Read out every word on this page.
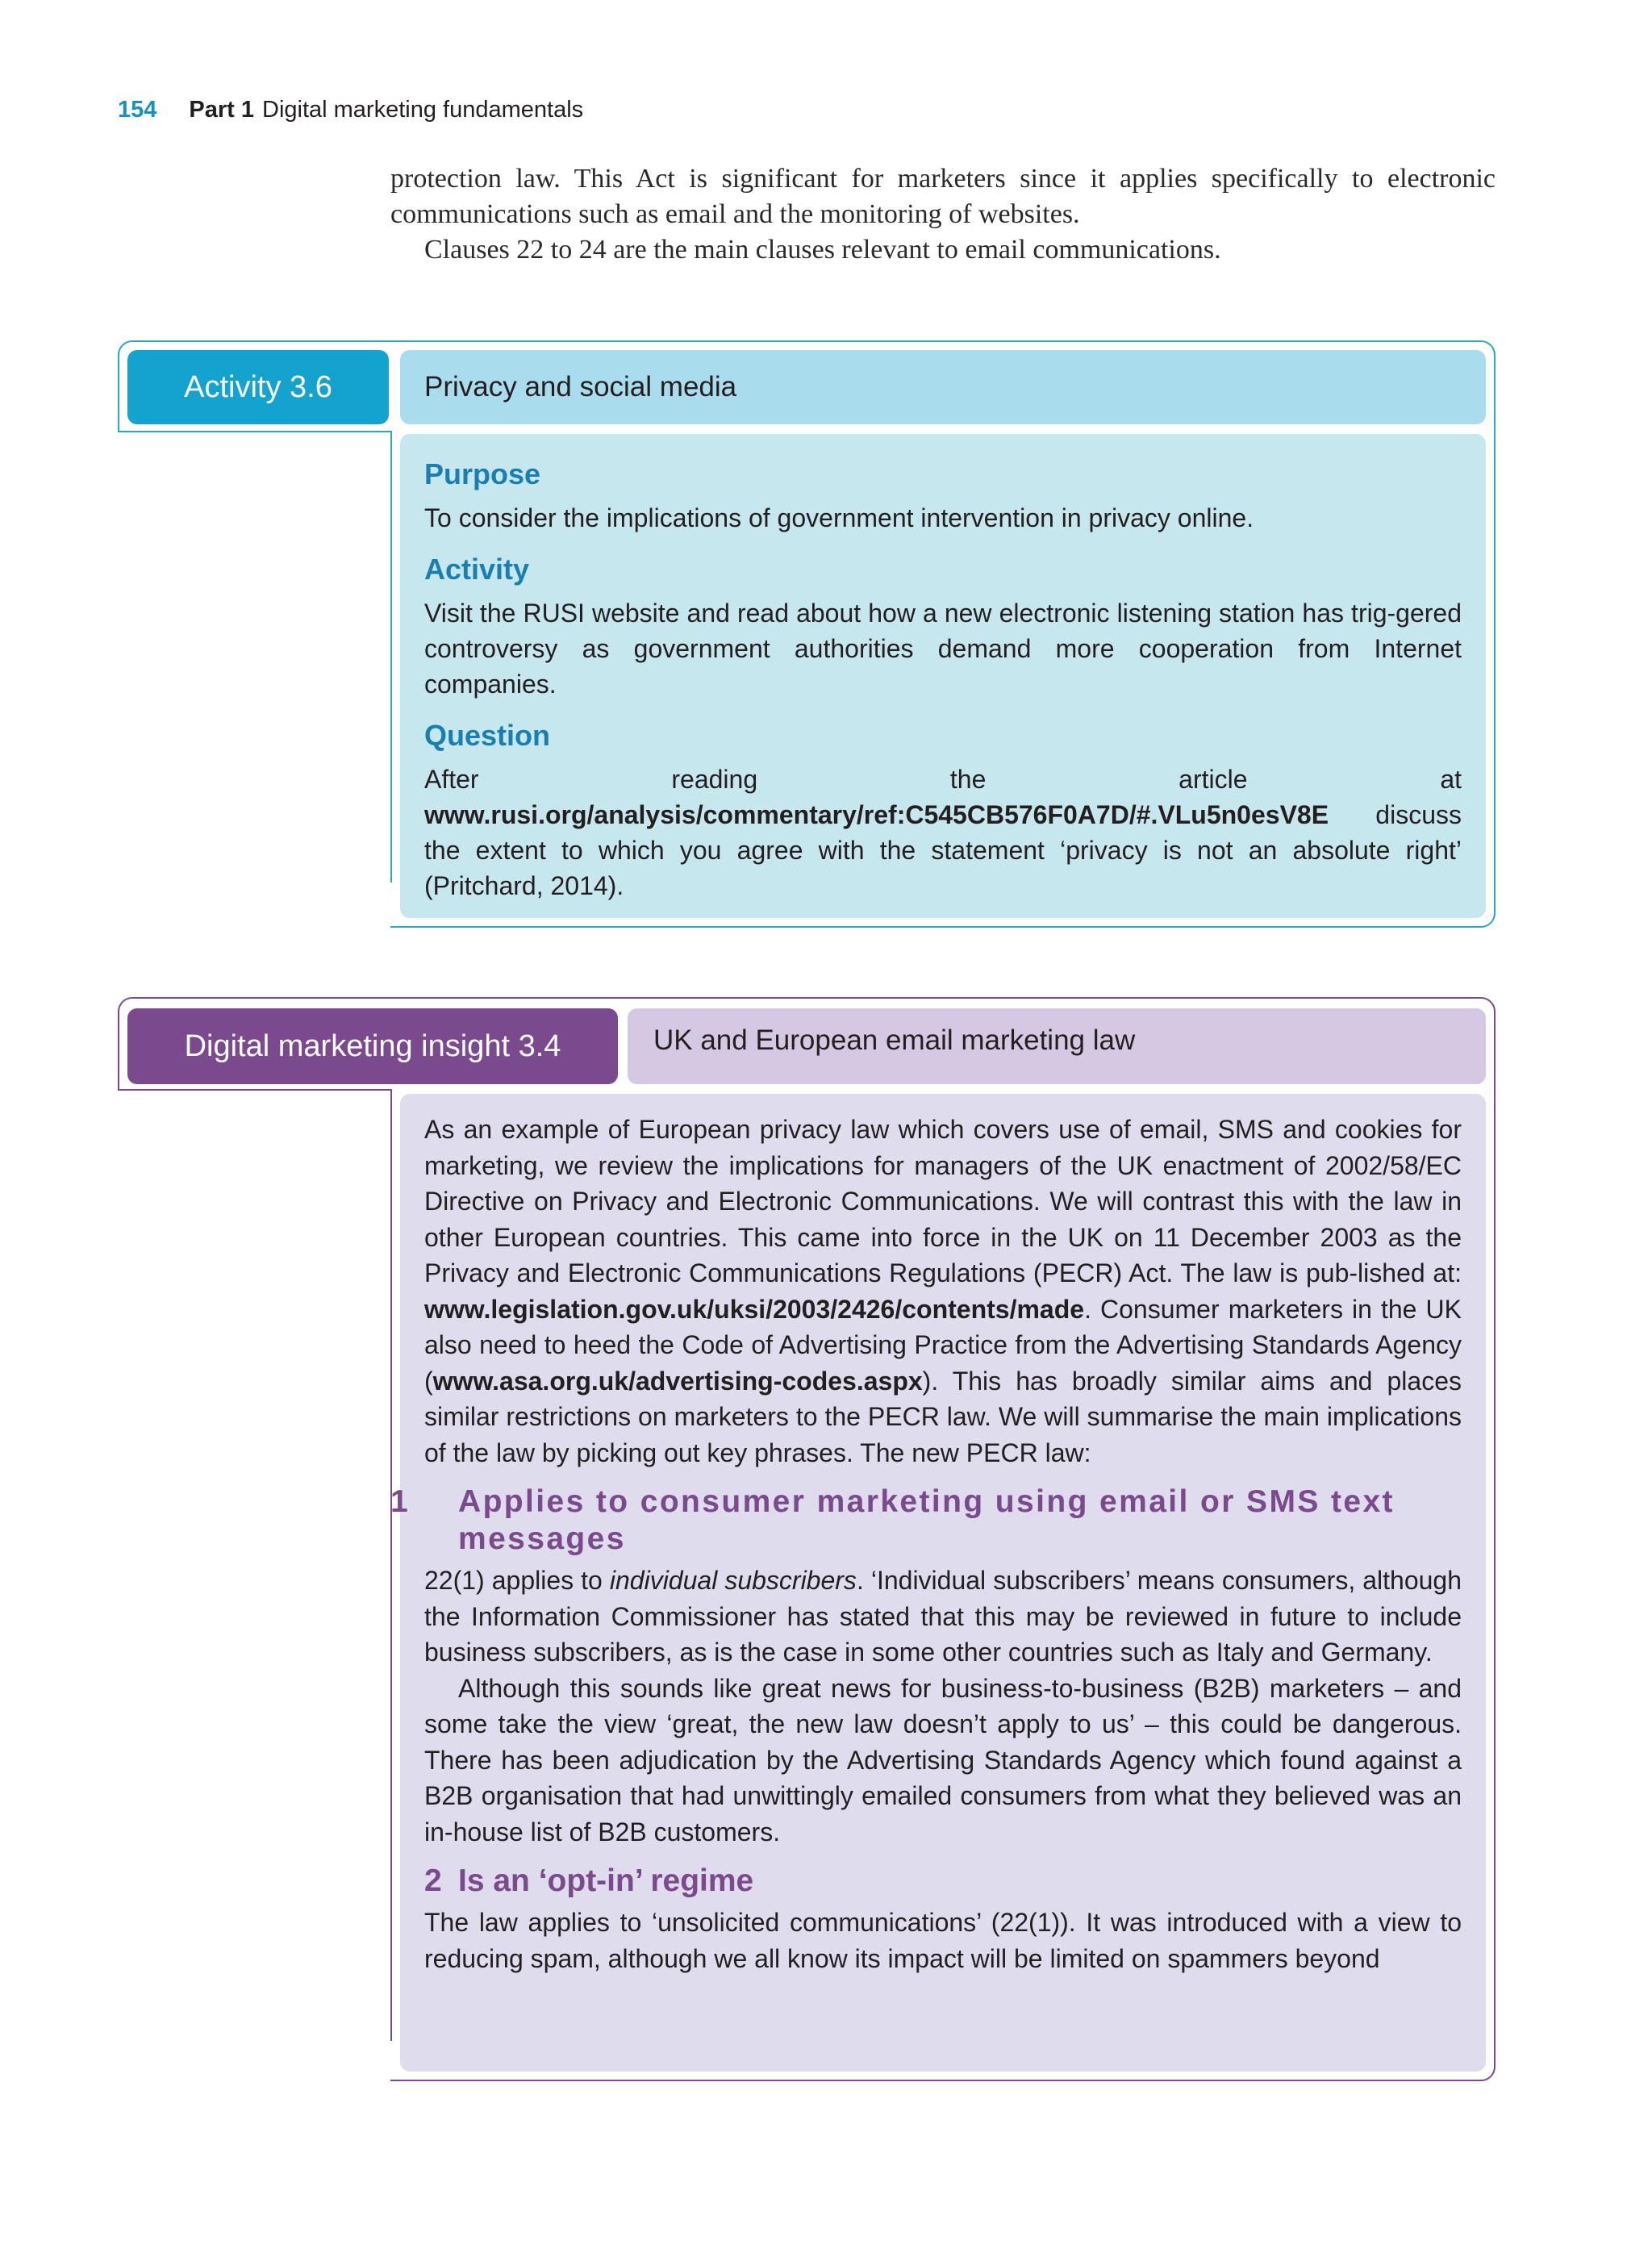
154 Part 1 Digital marketing fundamentals

protection law. This Act is significant for marketers since it applies specifically to electronic communications such as email and the monitoring of websites.

Clauses 22 to 24 are the main clauses relevant to email communications.

Activity 3.6	Privacy and social media
Purpose

To consider the implications of government intervention in privacy online.

Activity

Visit the RUSI website and read about how a new electronic listening station has trig-gered controversy as government authorities demand more cooperation from Internet companies.

Question

After reading the article at www.rusi.org/analysis/commentary/ref:C545CB576F0A7D/#.VLu5n0esV8E discuss the extent to which you agree with the statement ‘privacy is not an absolute right’ (Pritchard, 2014).

Digital marketing insight 3.4	UK and European email marketing law

As an example of European privacy law which covers use of email, SMS and cookies for marketing, we review the implications for managers of the UK enactment of 2002/58/EC Directive on Privacy and Electronic Communications. We will contrast this with the law in other European countries. This came into force in the UK on 11 December 2003 as the Privacy and Electronic Communications Regulations (PECR) Act. The law is pub-lished at: www.legislation.gov.uk/uksi/2003/2426/contents/made. Consumer marketers in the UK also need to heed the Code of Advertising Practice from the Advertising Standards Agency (www.asa.org.uk/advertising-codes.aspx). This has broadly similar aims and places similar restrictions on marketers to the PECR law. We will summarise the main implications of the law by picking out key phrases. The new PECR law:

1 Applies to consumer marketing using email or SMS text messages

22(1) applies to individual subscribers. ‘Individual subscribers’ means consumers, although the Information Commissioner has stated that this may be reviewed in future to include business subscribers, as is the case in some other countries such as Italy and Germany.

Although this sounds like great news for business-to-business (B2B) marketers – and some take the view ‘great, the new law doesn’t apply to us’ – this could be dangerous. There has been adjudication by the Advertising Standards Agency which found against a B2B organisation that had unwittingly emailed consumers from what they believed was an in-house list of B2B customers.

2 Is an ‘opt-in’ regime

The law applies to ‘unsolicited communications’ (22(1)). It was introduced with a view to reducing spam, although we all know its impact will be limited on spammers beyond
